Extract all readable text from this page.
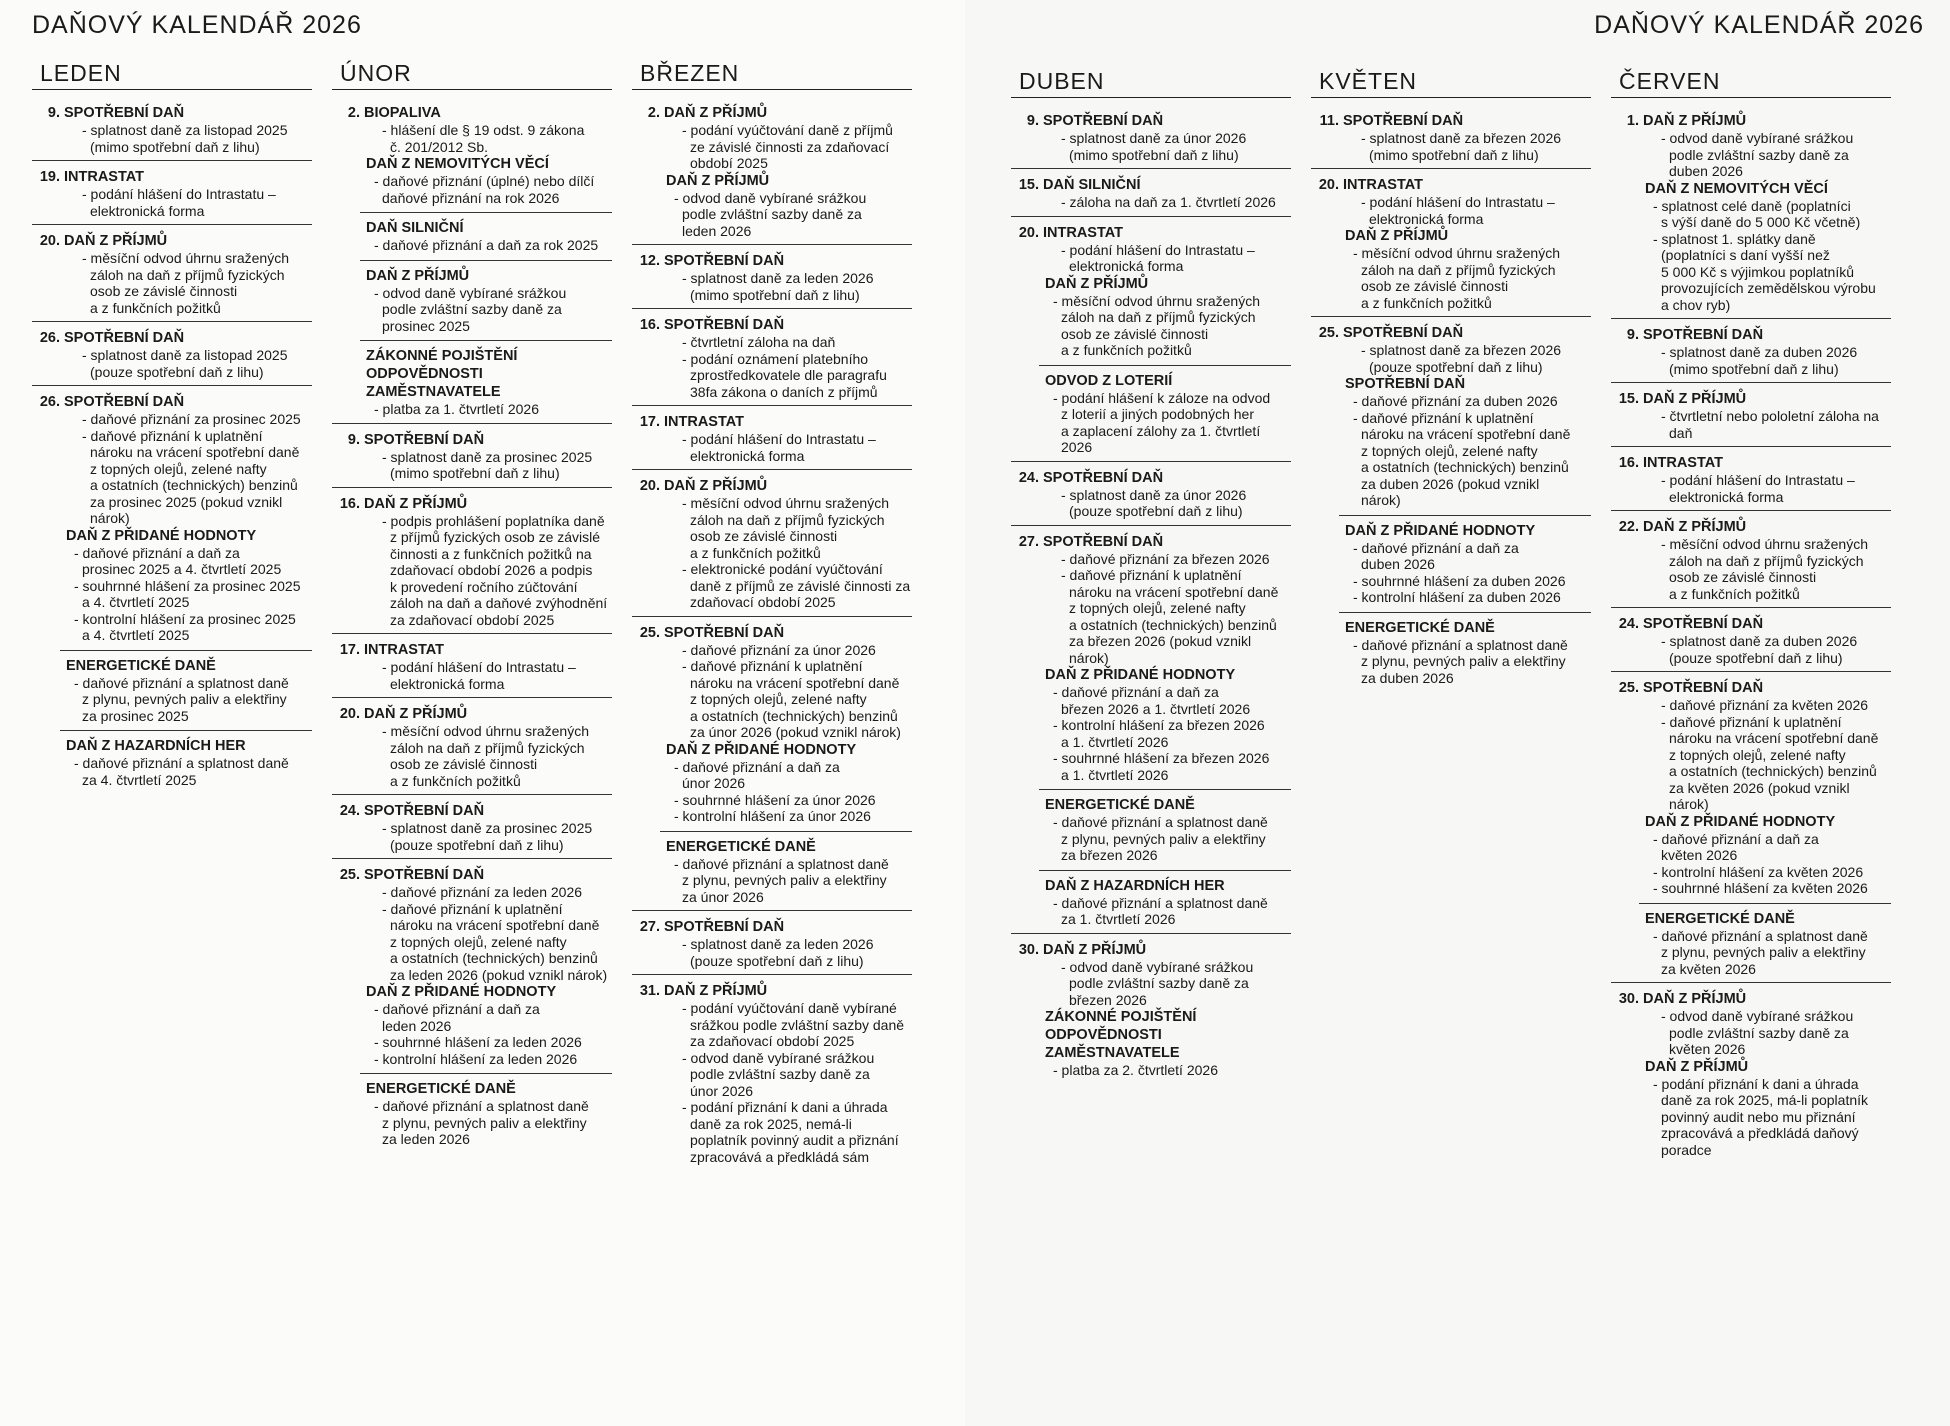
DAŇOVÝ KALENDÁŘ 2026
LEDEN
9. SPOTŘEBNÍ DAŇ
- splatnost daně za listopad 2025
(mimo spotřební daň z lihu)
19. INTRASTAT
- podání hlášení do Intrastatu –
elektronická forma
20. DAŇ Z PŘÍJMŮ
- měsíční odvod úhrnu sražených
záloh na daň z příjmů fyzických
osob ze závislé činnosti
a z funkčních požitků
26. SPOTŘEBNÍ DAŇ
- splatnost daně za listopad 2025
(pouze spotřební daň z lihu)
26. SPOTŘEBNÍ DAŇ
- daňové přiznání za prosinec 2025
- daňové přiznání k uplatnění
nároku na vrácení spotřební daně
z topných olejů, zelené nafty
a ostatních (technických) benzinů
za prosinec 2025 (pokud vznikl
nárok)
DAŇ Z PŘIDANÉ HODNOTY
- daňové přiznání a daň za
prosinec 2025 a 4. čtvrtletí 2025
- souhrnné hlášení za prosinec 2025
a 4. čtvrtletí 2025
- kontrolní hlášení za prosinec 2025
a 4. čtvrtletí 2025
ENERGETICKÉ DANĚ
- daňové přiznání a splatnost daně
z plynu, pevných paliv a elektřiny
za prosinec 2025
DAŇ Z HAZARDNÍCH HER
- daňové přiznání a splatnost daně
za 4. čtvrtletí 2025
ÚNOR
2. BIOPALIVA
- hlášení dle § 19 odst. 9 zákona
č. 201/2012 Sb.
DAŇ Z NEMOVITÝCH VĚCÍ
- daňové přiznání (úplné) nebo dílčí
daňové přiznání na rok 2026
DAŇ SILNIČNÍ
- daňové přiznání a daň za rok 2025
DAŇ Z PŘÍJMŮ
- odvod daně vybírané srážkou
podle zvláštní sazby daně za
prosinec 2025
ZÁKONNÉ POJIŠTĚNÍ ODPOVĚDNOSTI ZAMĚSTNAVATELE
- platba za 1. čtvrtletí 2026
9. SPOTŘEBNÍ DAŇ
- splatnost daně za prosinec 2025
(mimo spotřební daň z lihu)
16. DAŇ Z PŘÍJMŮ
- podpis prohlášení poplatníka daně
z příjmů fyzických osob ze závislé
činnosti a z funkčních požitků na
zdaňovací období 2026 a podpis
k provedení ročního zúčtování
záloh na daň a daňové zvýhodnění
za zdaňovací období 2025
17. INTRASTAT
- podání hlášení do Intrastatu –
elektronická forma
20. DAŇ Z PŘÍJMŮ
- měsíční odvod úhrnu sražených
záloh na daň z příjmů fyzických
osob ze závislé činnosti
a z funkčních požitků
24. SPOTŘEBNÍ DAŇ
- splatnost daně za prosinec 2025
(pouze spotřební daň z lihu)
25. SPOTŘEBNÍ DAŇ
- daňové přiznání za leden 2026
- daňové přiznání k uplatnění
nároku na vrácení spotřební daně
z topných olejů, zelené nafty
a ostatních (technických) benzinů
za leden 2026 (pokud vznikl nárok)
DAŇ Z PŘIDANÉ HODNOTY
- daňové přiznání a daň za
leden 2026
- souhrnné hlášení za leden 2026
- kontrolní hlášení za leden 2026
ENERGETICKÉ DANĚ
- daňové přiznání a splatnost daně
z plynu, pevných paliv a elektřiny
za leden 2026
BŘEZEN
2. DAŇ Z PŘÍJMŮ
- podání vyúčtování daně z příjmů
ze závislé činnosti za zdaňovací
období 2025
DAŇ Z PŘÍJMŮ
- odvod daně vybírané srážkou
podle zvláštní sazby daně za
leden 2026
12. SPOTŘEBNÍ DAŇ
- splatnost daně za leden 2026
(mimo spotřební daň z lihu)
16. SPOTŘEBNÍ DAŇ
- čtvrtletní záloha na daň
- podání oznámení platebního
zprostředkovatele dle paragrafu
38fa zákona o daních z příjmů
17. INTRASTAT
- podání hlášení do Intrastatu –
elektronická forma
20. DAŇ Z PŘÍJMŮ
- měsíční odvod úhrnu sražených
záloh na daň z příjmů fyzických
osob ze závislé činnosti
a z funkčních požitků
- elektronické podání vyúčtování
daně z příjmů ze závislé činnosti za
zdaňovací období 2025
25. SPOTŘEBNÍ DAŇ
- daňové přiznání za únor 2026
- daňové přiznání k uplatnění
nároku na vrácení spotřební daně
z topných olejů, zelené nafty
a ostatních (technických) benzinů
za únor 2026 (pokud vznikl nárok)
DAŇ Z PŘIDANÉ HODNOTY
- daňové přiznání a daň za
únor 2026
- souhrnné hlášení za únor 2026
- kontrolní hlášení za únor 2026
ENERGETICKÉ DANĚ
- daňové přiznání a splatnost daně
z plynu, pevných paliv a elektřiny
za únor 2026
27. SPOTŘEBNÍ DAŇ
- splatnost daně za leden 2026
(pouze spotřební daň z lihu)
31. DAŇ Z PŘÍJMŮ
- podání vyúčtování daně vybírané
srážkou podle zvláštní sazby daně
za zdaňovací období 2025
- odvod daně vybírané srážkou
podle zvláštní sazby daně za
únor 2026
- podání přiznání k dani a úhrada
daně za rok 2025, nemá-li
poplatník povinný audit a přiznání
zpracovává a předkládá sám
DAŇOVÝ KALENDÁŘ 2026
DUBEN
9. SPOTŘEBNÍ DAŇ
- splatnost daně za únor 2026
(mimo spotřební daň z lihu)
15. DAŇ SILNIČNÍ
- záloha na daň za 1. čtvrtletí 2026
20. INTRASTAT
- podání hlášení do Intrastatu –
elektronická forma
DAŇ Z PŘÍJMŮ
- měsíční odvod úhrnu sražených
záloh na daň z příjmů fyzických
osob ze závislé činnosti
a z funkčních požitků
ODVOD Z LOTERIÍ
- podání hlášení k záloze na odvod
z loterií a jiných podobných her
a zaplacení zálohy za 1. čtvrtletí
2026
24. SPOTŘEBNÍ DAŇ
- splatnost daně za únor 2026
(pouze spotřební daň z lihu)
27. SPOTŘEBNÍ DAŇ
- daňové přiznání za březen 2026
- daňové přiznání k uplatnění
nároku na vrácení spotřební daně
z topných olejů, zelené nafty
a ostatních (technických) benzinů
za březen 2026 (pokud vznikl
nárok)
DAŇ Z PŘIDANÉ HODNOTY
- daňové přiznání a daň za
březen 2026 a 1. čtvrtletí 2026
- kontrolní hlášení za březen 2026
a 1. čtvrtletí 2026
- souhrnné hlášení za březen 2026
a 1. čtvrtletí 2026
ENERGETICKÉ DANĚ
- daňové přiznání a splatnost daně
z plynu, pevných paliv a elektřiny
za březen 2026
DAŇ Z HAZARDNÍCH HER
- daňové přiznání a splatnost daně
za 1. čtvrtletí 2026
30. DAŇ Z PŘÍJMŮ
- odvod daně vybírané srážkou
podle zvláštní sazby daně za
březen 2026
ZÁKONNÉ POJIŠTĚNÍ ODPOVĚDNOSTI ZAMĚSTNAVATELE
- platba za 2. čtvrtletí 2026
KVĚTEN
11. SPOTŘEBNÍ DAŇ
- splatnost daně za březen 2026
(mimo spotřební daň z lihu)
20. INTRASTAT
- podání hlášení do Intrastatu –
elektronická forma
DAŇ Z PŘÍJMŮ
- měsíční odvod úhrnu sražených
záloh na daň z příjmů fyzických
osob ze závislé činnosti
a z funkčních požitků
25. SPOTŘEBNÍ DAŇ
- splatnost daně za březen 2026
(pouze spotřební daň z lihu)
SPOTŘEBNÍ DAŇ
- daňové přiznání za duben 2026
- daňové přiznání k uplatnění
nároku na vrácení spotřební daně
z topných olejů, zelené nafty
a ostatních (technických) benzinů
za duben 2026 (pokud vznikl
nárok)
DAŇ Z PŘIDANÉ HODNOTY
- daňové přiznání a daň za
duben 2026
- souhrnné hlášení za duben 2026
- kontrolní hlášení za duben 2026
ENERGETICKÉ DANĚ
- daňové přiznání a splatnost daně
z plynu, pevných paliv a elektřiny
za duben 2026
ČERVEN
1. DAŇ Z PŘÍJMŮ
- odvod daně vybírané srážkou
podle zvláštní sazby daně za
duben 2026
DAŇ Z NEMOVITÝCH VĚCÍ
- splatnost celé daně (poplatníci
s výší daně do 5 000 Kč včetně)
- splatnost 1. splátky daně
(poplatníci s daní vyšší než
5 000 Kč s výjimkou poplatníků
provozujících zemědělskou výrobu
a chov ryb)
9. SPOTŘEBNÍ DAŇ
- splatnost daně za duben 2026
(mimo spotřební daň z lihu)
15. DAŇ Z PŘÍJMŮ
- čtvrtletní nebo pololetní záloha na
daň
16. INTRASTAT
- podání hlášení do Intrastatu –
elektronická forma
22. DAŇ Z PŘÍJMŮ
- měsíční odvod úhrnu sražených
záloh na daň z příjmů fyzických
osob ze závislé činnosti
a z funkčních požitků
24. SPOTŘEBNÍ DAŇ
- splatnost daně za duben 2026
(pouze spotřební daň z lihu)
25. SPOTŘEBNÍ DAŇ
- daňové přiznání za květen 2026
- daňové přiznání k uplatnění
nároku na vrácení spotřební daně
z topných olejů, zelené nafty
a ostatních (technických) benzinů
za květen 2026 (pokud vznikl
nárok)
DAŇ Z PŘIDANÉ HODNOTY
- daňové přiznání a daň za
květen 2026
- kontrolní hlášení za květen 2026
- souhrnné hlášení za květen 2026
ENERGETICKÉ DANĚ
- daňové přiznání a splatnost daně
z plynu, pevných paliv a elektřiny
za květen 2026
30. DAŇ Z PŘÍJMŮ
- odvod daně vybírané srážkou
podle zvláštní sazby daně za
květen 2026
DAŇ Z PŘÍJMŮ
- podání přiznání k dani a úhrada
daně za rok 2025, má-li poplatník
povinný audit nebo mu přiznání
zpracovává a předkládá daňový
poradce
